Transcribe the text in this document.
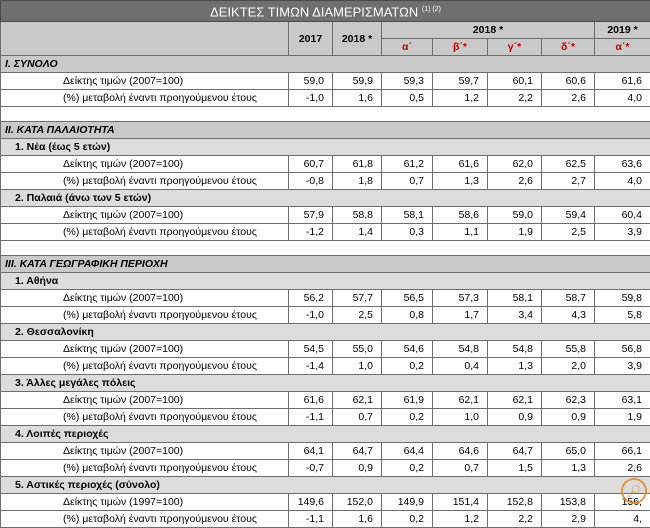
ΔΕΙΚΤΕΣ ΤΙΜΩΝ ΔΙΑΜΕΡΙΣΜΑΤΩΝ $^{(1) (2)}$
	2017	2018 *	2018 *				2019 *
			α΄	β΄*	γ΄*	δ΄*	α΄*
I. ΣΥΝΟΛΟ							
Δείκτης τιμών (2007=100)	59,0	59,9	59,3	59,7	60,1	60,6	61,6
(%) μεταβολή έναντι προηγούμενου έτους	-1,0	1,6	0,5	1,2	2,2	2,6	4,0

II. ΚΑΤΑ ΠΑΛΑΙΟΤΗΤΑ							
1. Νέα (έως 5 ετών)							
Δείκτης τιμών (2007=100)	60,7	61,8	61,2	61,6	62,0	62,5	63,6
(%) μεταβολή έναντι προηγούμενου έτους	-0,8	1,8	0,7	1,3	2,6	2,7	4,0
2. Παλαιά (άνω των 5 ετών)							
Δείκτης τιμών (2007=100)	57,9	58,8	58,1	58,6	59,0	59,4	60,4
(%) μεταβολή έναντι προηγούμενου έτους	-1,2	1,4	0,3	1,1	1,9	2,5	3,9

III. ΚΑΤΑ ΓΕΩΓΡΑΦΙΚΗ ΠΕΡΙΟΧΗ							
1. Αθήνα							
Δείκτης τιμών (2007=100)	56,2	57,7	56,5	57,3	58,1	58,7	59,8
(%) μεταβολή έναντι προηγούμενου έτους	-1,0	2,5	0,8	1,7	3,4	4,3	5,8
2. Θεσσαλονίκη							
Δείκτης τιμών (2007=100)	54,5	55,0	54,6	54,8	54,8	55,8	56,8
(%) μεταβολή έναντι προηγούμενου έτους	-1,4	1,0	0,2	0,4	1,3	2,0	3,9
3. Άλλες μεγάλες πόλεις							
Δείκτης τιμών (2007=100)	61,6	62,1	61,9	62,1	62,1	62,3	63,1
(%) μεταβολή έναντι προηγούμενου έτους	-1,1	0,7	0,2	1,0	0,9	0,9	1,9
4. Λοιπές περιοχές							
Δείκτης τιμών (2007=100)	64,1	64,7	64,4	64,6	64,7	65,0	66,1
(%) μεταβολή έναντι προηγούμενου έτους	-0,7	0,9	0,2	0,7	1,5	1,3	2,6
5. Αστικές περιοχές (σύνολο)							
Δείκτης τιμών (1997=100)	149,6	152,0	149,9	151,4	152,8	153,8	156,
(%) μεταβολή έναντι προηγούμενου έτους	-1,1	1,6	0,2	1,2	2,2	2,9	4,
🔎︎
